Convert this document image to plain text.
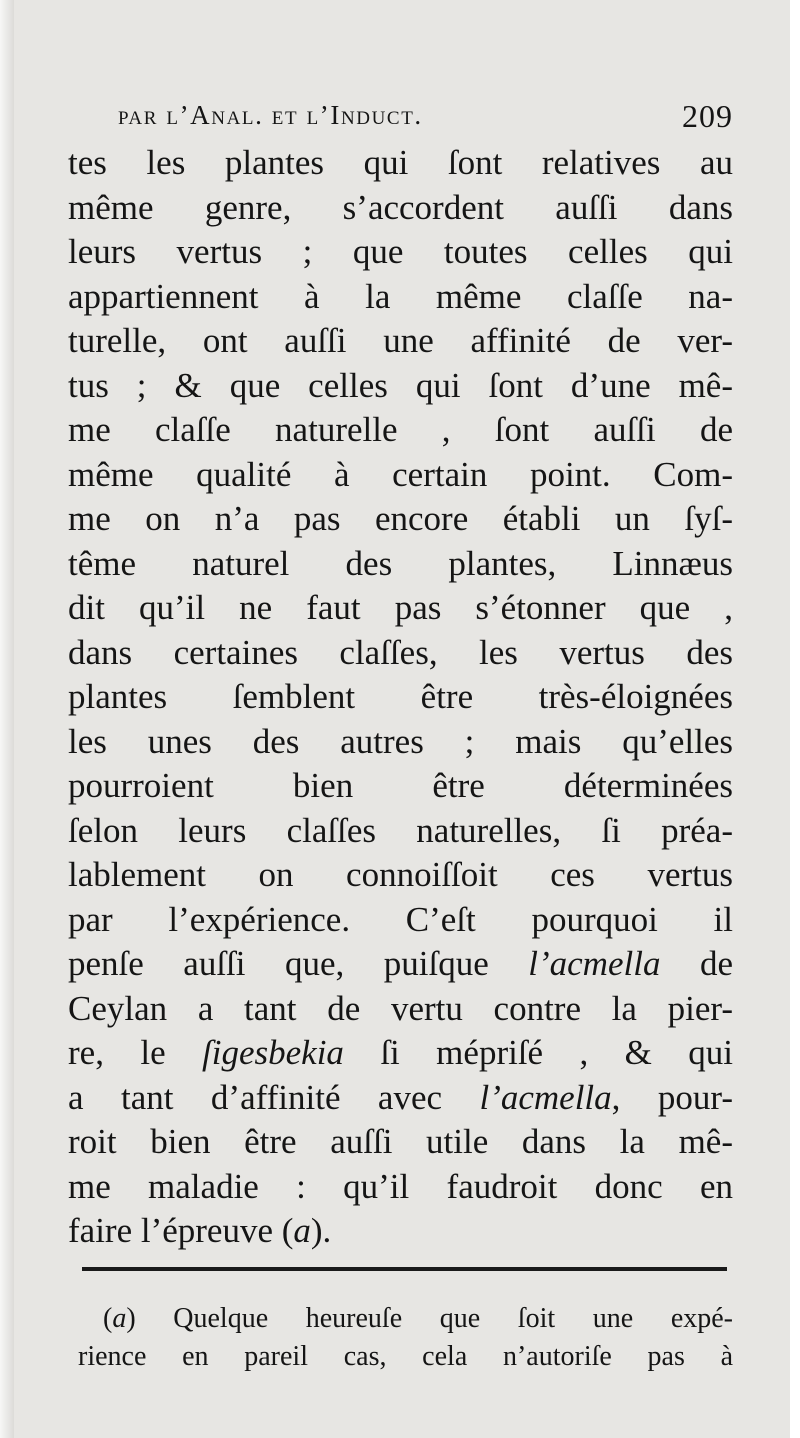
par l’Anal. et l’Induct.	209
tes les plantes qui ſont relatives au
même genre, s’accordent auſſi dans
leurs vertus ; que toutes celles qui
appartiennent à la même claſſe na-
turelle, ont auſſi une affinité de ver-
tus ; & que celles qui ſont d’une mê-
me claſſe naturelle , ſont auſſi de
même qualité à certain point. Com-
me on n’a pas encore établi un ſyſ-
tême naturel des plantes, Linnæus
dit qu’il ne faut pas s’étonner que ,
dans certaines claſſes, les vertus des
plantes ſemblent être très-éloignées
les unes des autres ; mais qu’elles
pourroient bien être déterminées
ſelon leurs claſſes naturelles, ſi préa-
lablement on connoiſſoit ces vertus
par l’expérience. C’eſt pourquoi il
penſe auſſi que, puiſque l’acmella de
Ceylan a tant de vertu contre la pier-
re, le ſigesbekia ſi mépriſé , & qui
a tant d’affinité avec l’acmella, pour-
roit bien être auſſi utile dans la mê-
me maladie : qu’il faudroit donc en
faire l’épreuve (a).
(a) Quelque heureuſe que ſoit une expé-
rience en pareil cas, cela n’autoriſe pas à
